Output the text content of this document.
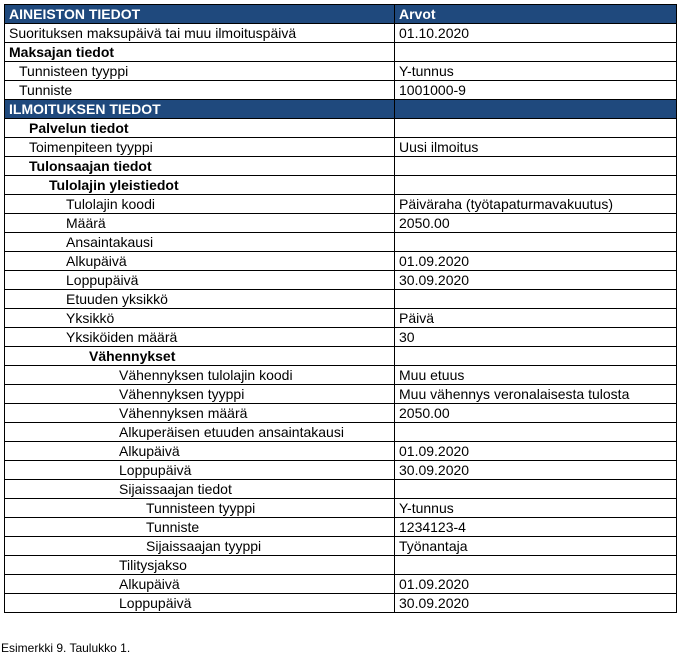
AINEISTON TIEDOT	Arvot
Suorituksen maksupäivä tai muu ilmoituspäivä	01.10.2020
Maksajan tiedot	
Tunnisteen tyyppi	Y-tunnus
Tunniste	1001000-9
ILMOITUKSEN TIEDOT	
Palvelun tiedot	
Toimenpiteen tyyppi	Uusi ilmoitus
Tulonsaajan tiedot	
Tulolajin yleistiedot	
Tulolajin koodi	Päiväraha (työtapaturmavakuutus)
Määrä	2050.00
Ansaintakausi	
Alkupäivä	01.09.2020
Loppupäivä	30.09.2020
Etuuden yksikkö	
Yksikkö	Päivä
Yksiköiden määrä	30
Vähennykset	
Vähennyksen tulolajin koodi	Muu etuus
Vähennyksen tyyppi	Muu vähennys veronalaisesta tulosta
Vähennyksen määrä	2050.00
Alkuperäisen etuuden ansaintakausi	
Alkupäivä	01.09.2020
Loppupäivä	30.09.2020
Sijaissaajan tiedot	
Tunnisteen tyyppi	Y-tunnus
Tunniste	1234123-4
Sijaissaajan tyyppi	Työnantaja
Tilitysjakso	
Alkupäivä	01.09.2020
Loppupäivä	30.09.2020
Esimerkki 9. Taulukko 1.
